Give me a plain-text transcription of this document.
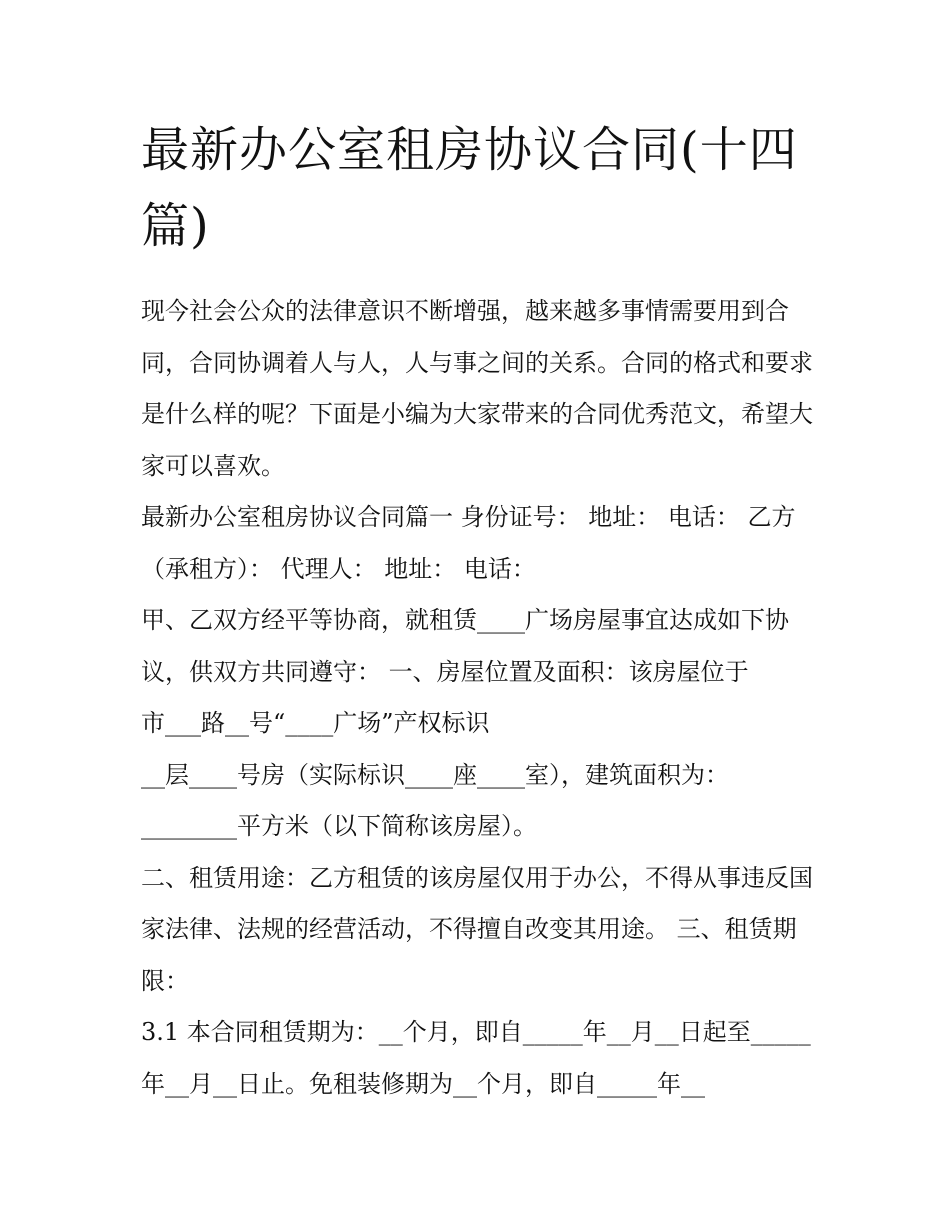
最新办公室租房协议合同(十四篇)

现今社会公众的法律意识不断增强，越来越多事情需要用到合同，合同协调着人与人，人与事之间的关系。合同的格式和要求是什么样的呢？下面是小编为大家带来的合同优秀范文，希望大家可以喜欢。

最新办公室租房协议合同篇一 身份证号： 地址： 电话： 乙方（承租方）： 代理人： 地址： 电话：

甲、乙双方经平等协商，就租赁____广场房屋事宜达成如下协议，供双方共同遵守： 一、房屋位置及面积：该房屋位于

市___路__号“____广场”产权标识

__层____号房（实际标识____座____室），建筑面积为：

________平方米（以下简称该房屋）。

二、租赁用途：乙方租赁的该房屋仅用于办公，不得从事违反国家法律、法规的经营活动，不得擅自改变其用途。 三、租赁期限：

3.1 本合同租赁期为：__个月，即自_____年__月__日起至_____年__月__日止。免租装修期为__个月，即自_____年__
